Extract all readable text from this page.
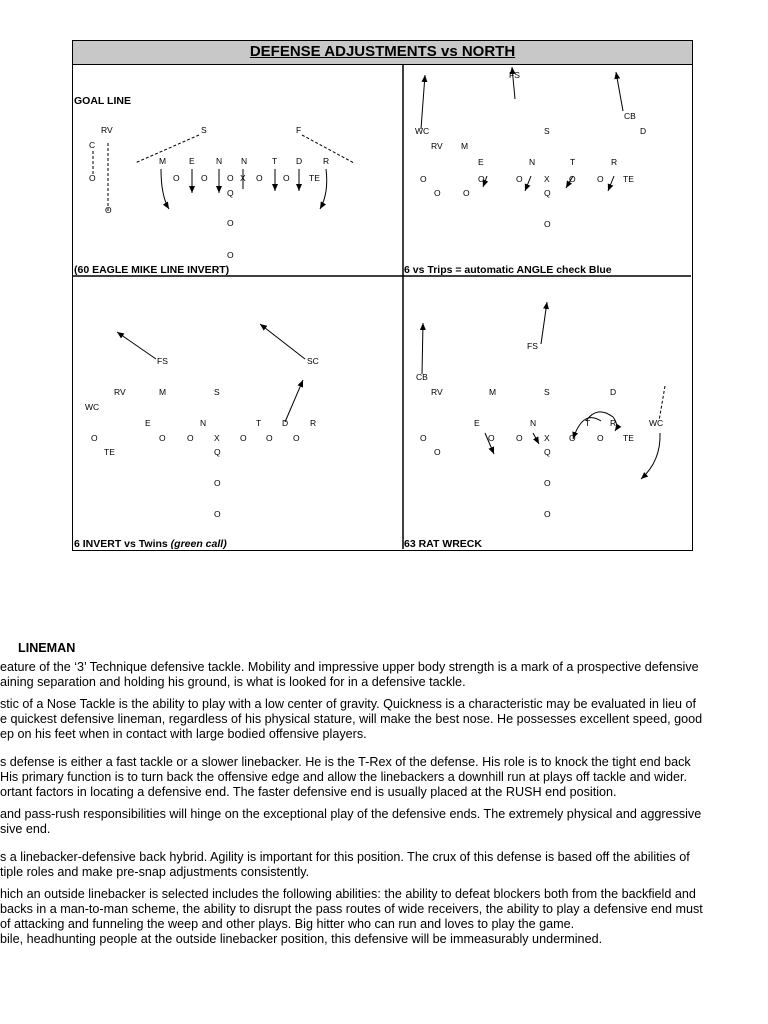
DEFENSE ADJUSTMENTS vs NORTH
RV	S	F
C
M	E	N N	T D R
O	O	O O X O O TE
Q
O
O
O
FS
CB
WC	S	D
RV M
E	N	T	R
O	O	O	X O	O TE
O	O	Q
O
FS	SC
RV	M	S
WC
E	N	T D	R
O	O	O	O
X	O O
TE	Q
O
O
FS
CB
RV	M	S	D
E	N	T R	WC
O	O	O	X O	O TE
O	Q
O
O
GOAL LINE
(60 EAGLE MIKE LINE INVERT)	6 vs Trips = automatic ANGLE check Blue
6 INVERT vs Twins (green call)	63 RAT WRECK
LINEMAN
eature of the ‘3’ Technique defensive tackle. Mobility and impressive upper body strength is a mark of a prospective defensive
aining separation and holding his ground, is what is looked for in a defensive tackle.
stic of a Nose Tackle is the ability to play with a low center of gravity. Quickness is a characteristic may be evaluated in lieu of
e quickest defensive lineman, regardless of his physical stature, will make the best nose. He possesses excellent speed, good
ep on his feet when in contact with large bodied offensive players.
s defense is either a fast tackle or a slower linebacker. He is the T-Rex of the defense. His role is to knock the tight end back
His primary function is to turn back the offensive edge and allow the linebackers a downhill run at plays off tackle and wider.
ortant factors in locating a defensive end. The faster defensive end is usually placed at the RUSH end position.
and pass-rush responsibilities will hinge on the exceptional play of the defensive ends. The extremely physical and aggressive
sive end.
s a linebacker-defensive back hybrid. Agility is important for this position. The crux of this defense is based off the abilities of
tiple roles and make pre-snap adjustments consistently.
hich an outside linebacker is selected includes the following abilities: the ability to defeat blockers both from the backfield and
backs in a man-to-man scheme, the ability to disrupt the pass routes of wide receivers, the ability to play a defensive end must
of attacking and funneling the weep and other plays. Big hitter who can run and loves to play the game.
bile, headhunting people at the outside linebacker position, this defensive will be immeasurably undermined.
